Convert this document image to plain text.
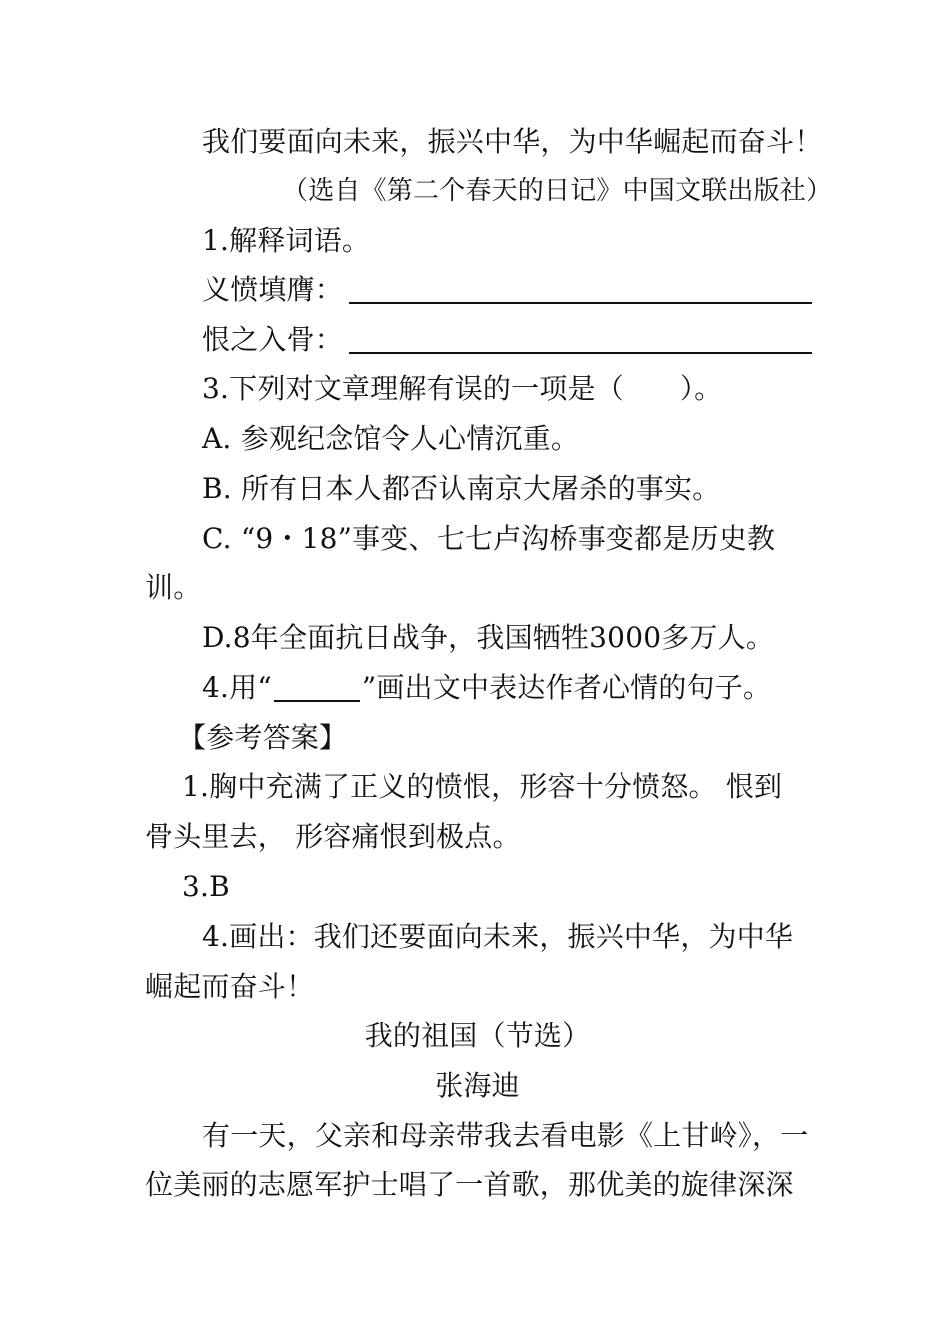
我们要面向未来，振兴中华，为中华崛起而奋斗！
（选自《第二个春天的日记》中国文联出版社）
1.解释词语。
义愤填膺：
恨之入骨：
3.下列对文章理解有误的一项是（ ）。
A. 参观纪念馆令人心情沉重。
B. 所有日本人都否认南京大屠杀的事实。
C. “9・18”事变、七七卢沟桥事变都是历史教
训。
D.8年全面抗日战争，我国牺牲3000多万人。
4.用“	”画出文中表达作者心情的句子。
【参考答案】
1.胸中充满了正义的愤恨，形容十分愤怒。 恨到
骨头里去， 形容痛恨到极点。
3.B
4.画出：我们还要面向未来，振兴中华，为中华
崛起而奋斗！
我的祖国（节选）
张海迪
有一天，父亲和母亲带我去看电影《上甘岭》，一
位美丽的志愿军护士唱了一首歌，那优美的旋律深深
